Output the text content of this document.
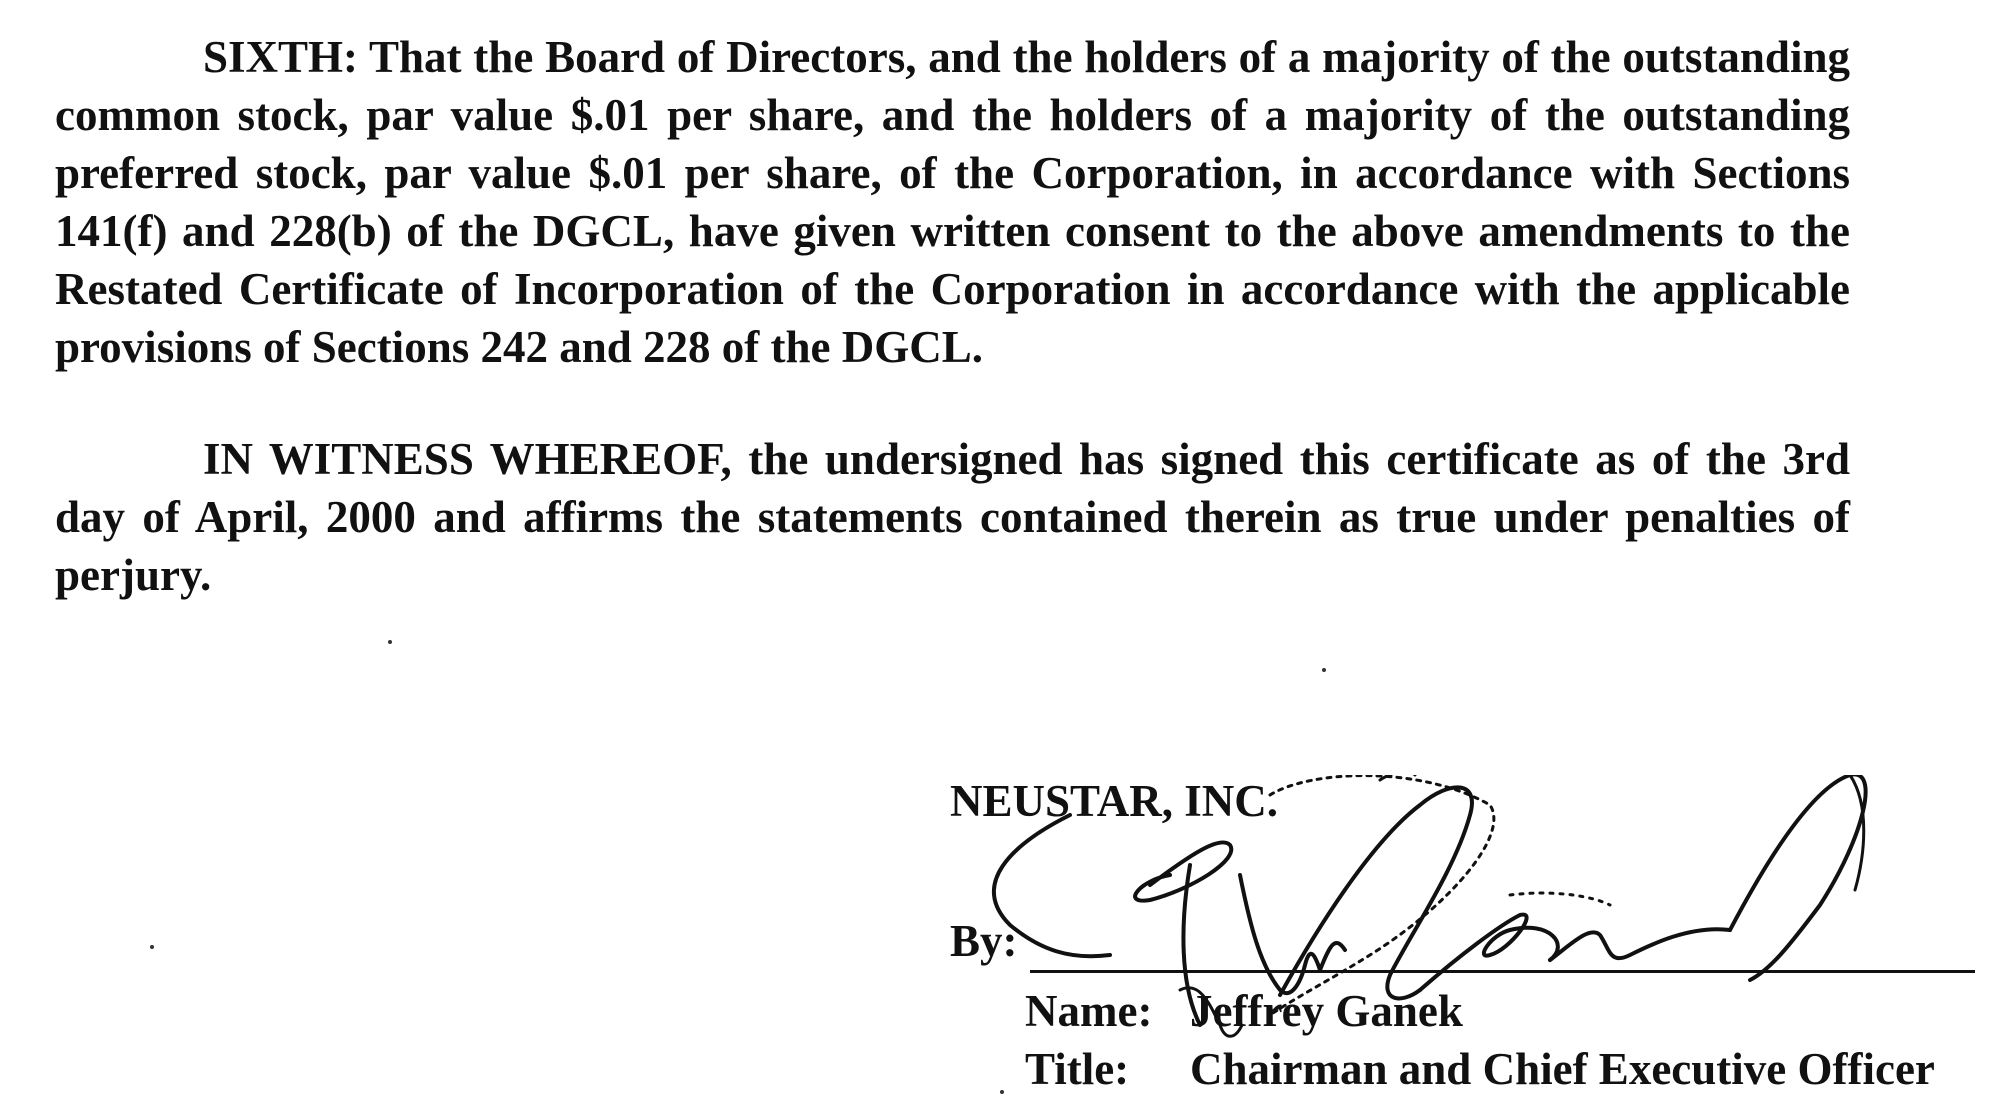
SIXTH: That the Board of Directors, and the holders of a majority of the outstanding common stock, par value $.01 per share, and the holders of a majority of the outstanding preferred stock, par value $.01 per share, of the Corporation, in accordance with Sections 141(f) and 228(b) of the DGCL, have given written consent to the above amendments to the Restated Certificate of Incorporation of the Corporation in accordance with the applicable provisions of Sections 242 and 228 of the DGCL.

IN WITNESS WHEREOF, the undersigned has signed this certificate as of the 3rd day of April, 2000 and affirms the statements contained therein as true under penalties of perjury.

NEUSTAR, INC.
By:
Name: Jeffrey Ganek
Title: Chairman and Chief Executive Officer
